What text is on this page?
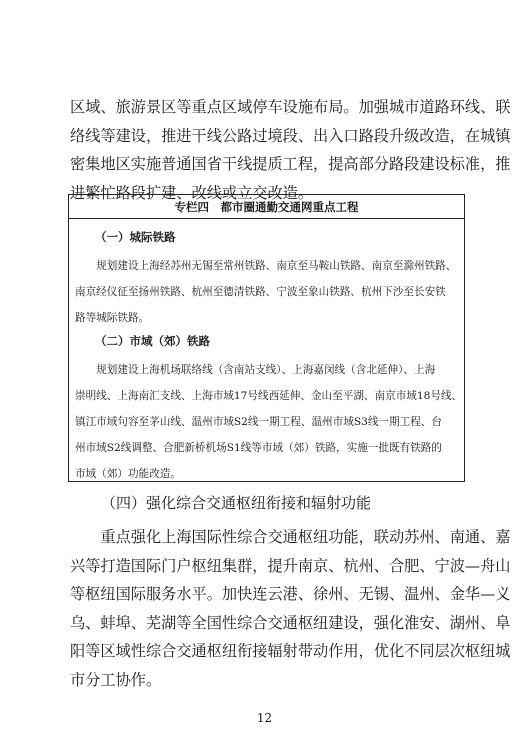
区域、旅游景区等重点区域停车设施布局。加强城市道路环线、联

络线等建设，推进干线公路过境段、出入口路段升级改造，在城镇

密集地区实施普通国省干线提质工程，提高部分路段建设标准，推

进繁忙路段扩建、改线或立交改造。

专栏四　都市圈通勤交通网重点工程

（一）城际铁路

　　规划建设上海经苏州无锡至常州铁路、南京至马鞍山铁路、南京至滁州铁路、

南京经仪征至扬州铁路、杭州至德清铁路、宁波至象山铁路、杭州下沙至长安铁

路等城际铁路。

（二）市域（郊）铁路

　　规划建设上海机场联络线（含南站支线）、上海嘉闵线（含北延伸）、上海

崇明线、上海南汇支线、上海市域17号线西延伸、金山至平湖、南京市域18号线、

镇江市域句容至茅山线、温州市域S2线一期工程、温州市域S3线一期工程、台

州市域S2线调整、合肥新桥机场S1线等市域（郊）铁路，实施一批既有铁路的

市域（郊）功能改造。

（四）强化综合交通枢纽衔接和辐射功能

　　重点强化上海国际性综合交通枢纽功能，联动苏州、南通、嘉

兴等打造国际门户枢纽集群，提升南京、杭州、合肥、宁波—舟山

等枢纽国际服务水平。加快连云港、徐州、无锡、温州、金华—义

乌、蚌埠、芜湖等全国性综合交通枢纽建设，强化淮安、湖州、阜

阳等区域性综合交通枢纽衔接辐射带动作用，优化不同层次枢纽城

市分工协作。

12
